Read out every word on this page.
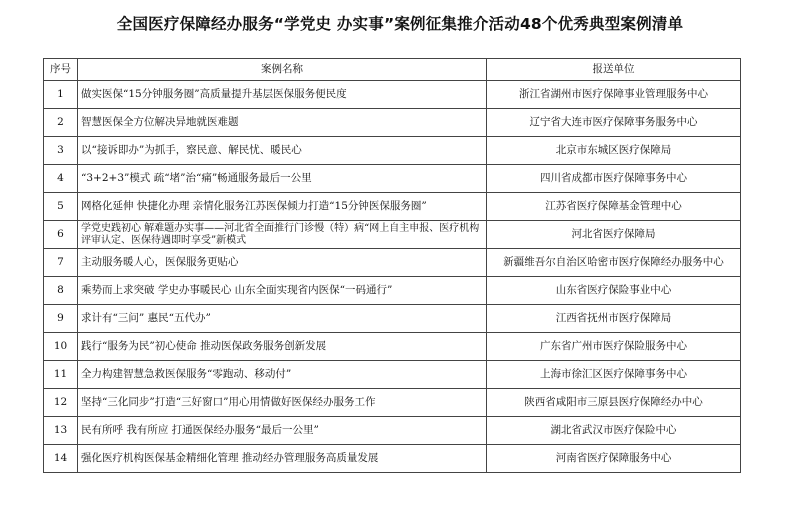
全国医疗保障经办服务“学党史 办实事”案例征集推介活动48个优秀典型案例清单
序号	案例名称	报送单位
1	做实医保“15分钟服务圈”高质量提升基层医保服务便民度	浙江省湖州市医疗保障事业管理服务中心
2	智慧医保全方位解决异地就医难题	辽宁省大连市医疗保障事务服务中心
3	以“接诉即办”为抓手，察民意、解民忧、暖民心	北京市东城区医疗保障局
4	“3+2+3”模式 疏“堵”治“痛”畅通服务最后一公里	四川省成都市医疗保障事务中心
5	网格化延伸 快捷化办理 亲情化服务江苏医保倾力打造“15分钟医保服务圈”	江苏省医疗保障基金管理中心
6	学党史践初心 解难题办实事——河北省全面推行门诊慢（特）病“网上自主申报、医疗机构评审认定、医保待遇即时享受”新模式	河北省医疗保障局
7	主动服务暖人心，医保服务更贴心	新疆维吾尔自治区哈密市医疗保障经办服务中心
8	乘势而上求突破 学史办事暖民心 山东全面实现省内医保“一码通行”	山东省医疗保险事业中心
9	求计有“三问” 惠民“五代办”	江西省抚州市医疗保障局
10	践行“服务为民”初心使命 推动医保政务服务创新发展	广东省广州市医疗保险服务中心
11	全力构建智慧急救医保服务“零跑动、移动付”	上海市徐汇区医疗保障事务中心
12	坚持“三化同步”打造“三好窗口”用心用情做好医保经办服务工作	陕西省咸阳市三原县医疗保障经办中心
13	民有所呼 我有所应 打通医保经办服务“最后一公里”	湖北省武汉市医疗保险中心
14	强化医疗机构医保基金精细化管理 推动经办管理服务高质量发展	河南省医疗保障服务中心
